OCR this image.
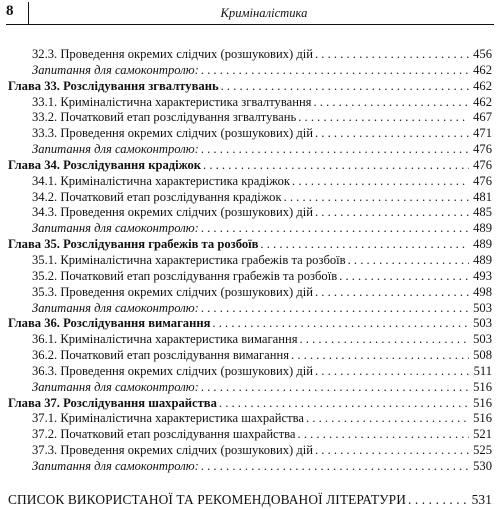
8	Криміналістика
32.3. Проведення окремих слідчих (розшукових) дій . . .	456
Запитання для самоконтролю: . . .	462
Глава 33. Розслідування згвалтувань . . .	462
33.1. Криміналістична характеристика згвалтування . . .	462
33.2. Початковий етап розслідування згвалтувань . . .	467
33.3. Проведення окремих слідчих (розшукових) дій . . .	471
Запитання для самоконтролю: . . .	476
Глава 34. Розслідування крадіжок . . .	476
34.1. Криміналістична характеристика крадіжок . . .	476
34.2. Початковий етап розслідування крадіжок . . .	481
34.3. Проведення окремих слідчих (розшукових) дій . . .	485
Запитання для самоконтролю: . . .	489
Глава 35. Розслідування грабежів та розбоїв . . .	489
35.1. Криміналістична характеристика грабежів та розбоїв . . .	489
35.2. Початковий етап розслідування грабежів та розбоїв . . .	493
35.3. Проведення окремих слідчих (розшукових) дій . . .	498
Запитання для самоконтролю: . . .	503
Глава 36. Розслідування вимагання . . .	503
36.1. Криміналістична характеристика вимагання . . .	503
36.2. Початковий етап розслідування вимагання . . .	508
36.3. Проведення окремих слідчих (розшукових) дій . . .	511
Запитання для самоконтролю: . . .	516
Глава 37. Розслідування шахрайства . . .	516
37.1. Криміналістична характеристика шахрайства . . .	516
37.2. Початковий етап розслідування шахрайства . . .	521
37.3. Проведення окремих слідчих (розшукових) дій . . .	525
Запитання для самоконтролю: . . .	530
СПИСОК ВИКОРИСТАНОЇ ТА РЕКОМЕНДОВАНОЇ ЛІТЕРАТУРИ . . .	531
